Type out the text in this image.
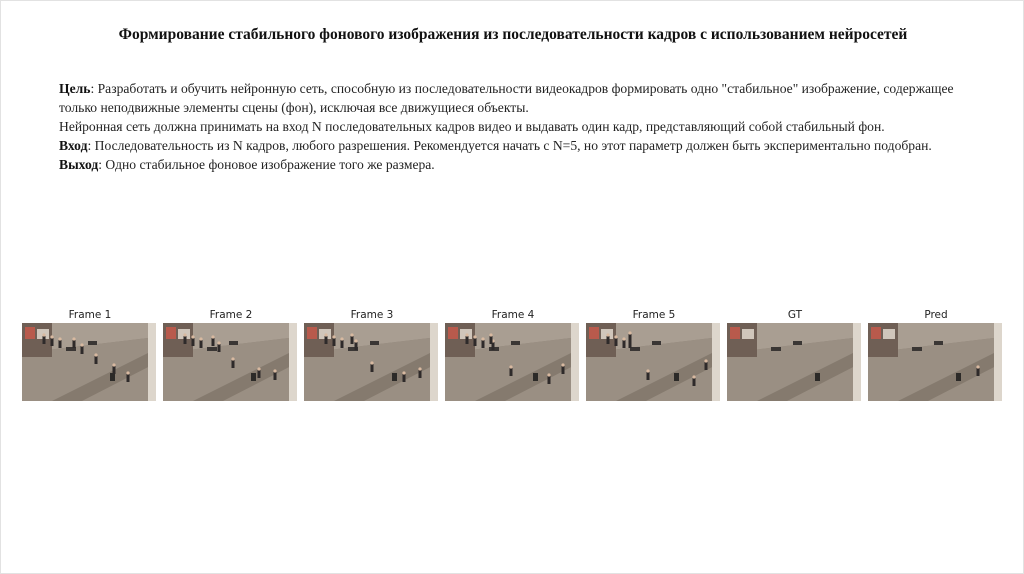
Формирование стабильного фонового изображения из последовательности кадров с использованием нейросетей

Цель: Разработать и обучить нейронную сеть, способную из последовательности видеокадров формировать одно "стабильное" изображение, содержащее только неподвижные элементы сцены (фон), исключая все движущиеся объекты.

Нейронная сеть должна принимать на вход N последовательных кадров видео и выдавать один кадр, представляющий собой стабильный фон.

Вход: Последовательность из N кадров, любого разрешения. Рекомендуется начать с N=5, но этот параметр должен быть экспериментально подобран.

Выход: Одно стабильное фоновое изображение того же размера.

Frame 1	Frame 2	Frame 3	Frame 4	Frame 5	GT	Pred
